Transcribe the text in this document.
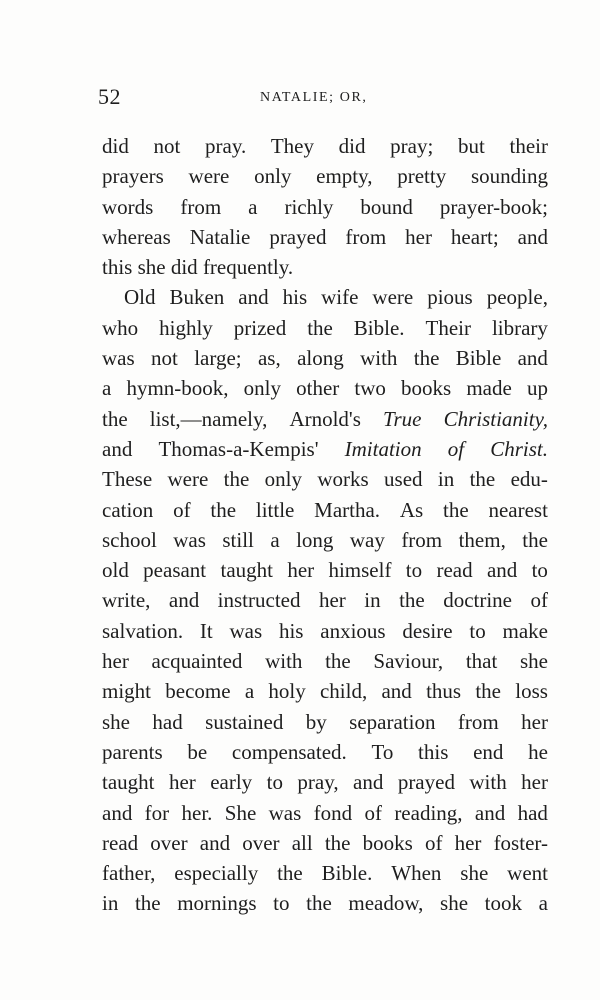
52	NATALIE; OR,
did not pray. They did pray; but their
prayers were only empty, pretty sounding
words from a richly bound prayer-book;
whereas Natalie prayed from her heart; and
this she did frequently.
Old Buken and his wife were pious people,
who highly prized the Bible. Their library
was not large; as, along with the Bible and
a hymn-book, only other two books made up
the list,—namely, Arnold's True Christianity,
and Thomas-a-Kempis' Imitation of Christ.
These were the only works used in the edu-
cation of the little Martha. As the nearest
school was still a long way from them, the
old peasant taught her himself to read and to
write, and instructed her in the doctrine of
salvation. It was his anxious desire to make
her acquainted with the Saviour, that she
might become a holy child, and thus the loss
she had sustained by separation from her
parents be compensated. To this end he
taught her early to pray, and prayed with her
and for her. She was fond of reading, and had
read over and over all the books of her foster-
father, especially the Bible. When she went
in the mornings to the meadow, she took a
